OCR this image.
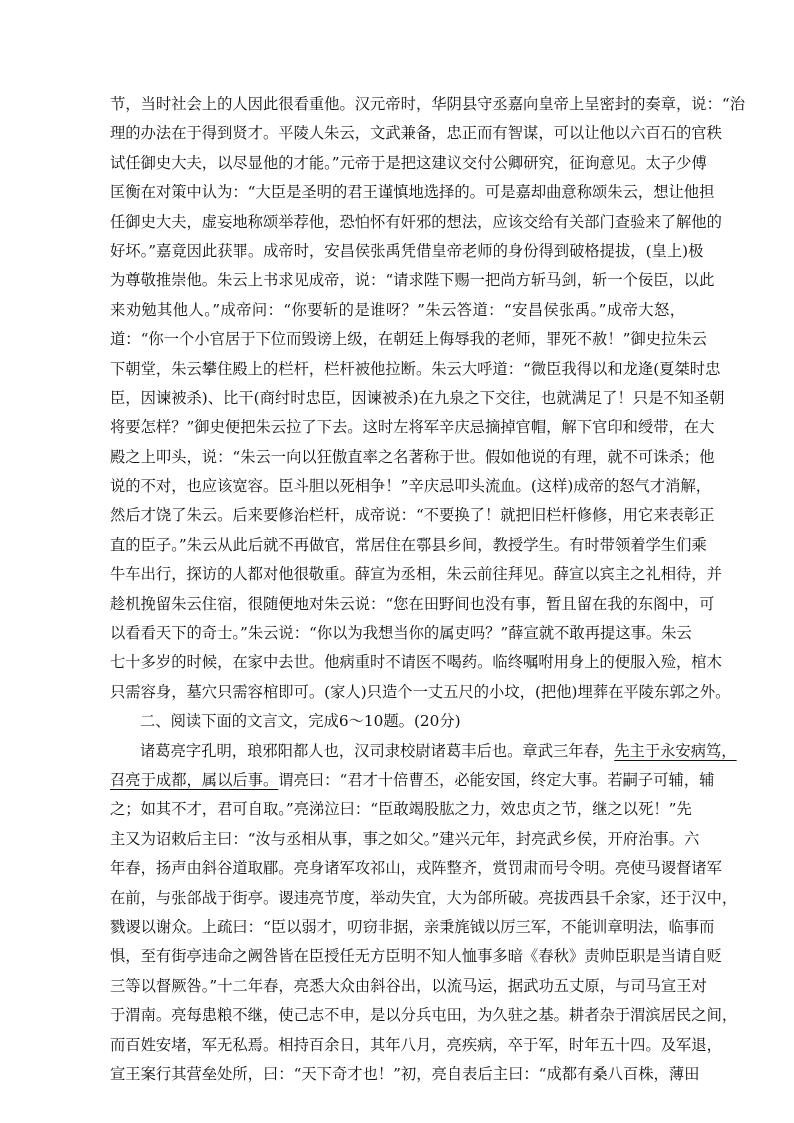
节，当时社会上的人因此很看重他。汉元帝时，华阴县守丞嘉向皇帝上呈密封的奏章，说：“治
理的办法在于得到贤才。平陵人朱云，文武兼备，忠正而有智谋，可以让他以六百石的官秩
试任御史大夫，以尽显他的才能。”元帝于是把这建议交付公卿研究，征询意见。太子少傅
匡衡在对策中认为：“大臣是圣明的君王谨慎地选择的。可是嘉却曲意称颂朱云，想让他担
任御史大夫，虚妄地称颂举荐他，恐怕怀有奸邪的想法，应该交给有关部门查验来了解他的
好坏。”嘉竟因此获罪。成帝时，安昌侯张禹凭借皇帝老师的身份得到破格提拔，(皇上)极
为尊敬推崇他。朱云上书求见成帝，说：“请求陛下赐一把尚方斩马剑，斩一个佞臣，以此
来劝勉其他人。”成帝问：“你要斩的是谁呀？”朱云答道：“安昌侯张禹。”成帝大怒，
道：“你一个小官居于下位而毁谤上级，在朝廷上侮辱我的老师，罪死不赦！”御史拉朱云
下朝堂，朱云攀住殿上的栏杆，栏杆被他拉断。朱云大呼道：“微臣我得以和龙逄(夏桀时忠
臣，因谏被杀)、比干(商纣时忠臣，因谏被杀)在九泉之下交往，也就满足了！只是不知圣朝
将要怎样？”御史便把朱云拉了下去。这时左将军辛庆忌摘掉官帽，解下官印和绶带，在大
殿之上叩头，说：“朱云一向以狂傲直率之名著称于世。假如他说的有理，就不可诛杀；他
说的不对，也应该宽容。臣斗胆以死相争！”辛庆忌叩头流血。(这样)成帝的怒气才消解，
然后才饶了朱云。后来要修治栏杆，成帝说：“不要换了！就把旧栏杆修修，用它来表彰正
直的臣子。”朱云从此后就不再做官，常居住在鄠县乡间，教授学生。有时带领着学生们乘
牛车出行，探访的人都对他很敬重。薛宣为丞相，朱云前往拜见。薛宣以宾主之礼相待，并
趁机挽留朱云住宿，很随便地对朱云说：“您在田野间也没有事，暂且留在我的东阁中，可
以看看天下的奇士。”朱云说：“你以为我想当你的属吏吗？”薛宣就不敢再提这事。朱云
七十多岁的时候，在家中去世。他病重时不请医不喝药。临终嘱咐用身上的便服入殓，棺木
只需容身，墓穴只需容棺即可。(家人)只造个一丈五尺的小坟，(把他)埋葬在平陵东郭之外。
二、阅读下面的文言文，完成6～10题。(20分)
诸葛亮字孔明，琅邪阳都人也，汉司隶校尉诸葛丰后也。章武三年春，先主于永安病笃，
召亮于成都，属以后事。谓亮曰：“君才十倍曹丕，必能安国，终定大事。若嗣子可辅，辅
之；如其不才，君可自取。”亮涕泣曰：“臣敢竭股肱之力，效忠贞之节，继之以死！”先
主又为诏敕后主曰：“汝与丞相从事，事之如父。”建兴元年，封亮武乡侯，开府治事。六
年春，扬声由斜谷道取郿。亮身诸军攻祁山，戎阵整齐，赏罚肃而号令明。亮使马谡督诸军
在前，与张郃战于街亭。谡违亮节度，举动失宜，大为郃所破。亮拔西县千余家，还于汉中，
戮谡以谢众。上疏曰：“臣以弱才，叨窃非据，亲秉旄钺以厉三军，不能训章明法，临事而
惧，至有街亭违命之阙咎皆在臣授任无方臣明不知人恤事多暗《春秋》责帅臣职是当请自贬
三等以督厥咎。”十二年春，亮悉大众由斜谷出，以流马运，据武功五丈原，与司马宣王对
于渭南。亮每患粮不继，使己志不申，是以分兵屯田，为久驻之基。耕者杂于渭滨居民之间，
而百姓安堵，军无私焉。相持百余日，其年八月，亮疾病，卒于军，时年五十四。及军退，
宣王案行其营垒处所，曰：“天下奇才也！”初，亮自表后主曰：“成都有桑八百株，薄田
